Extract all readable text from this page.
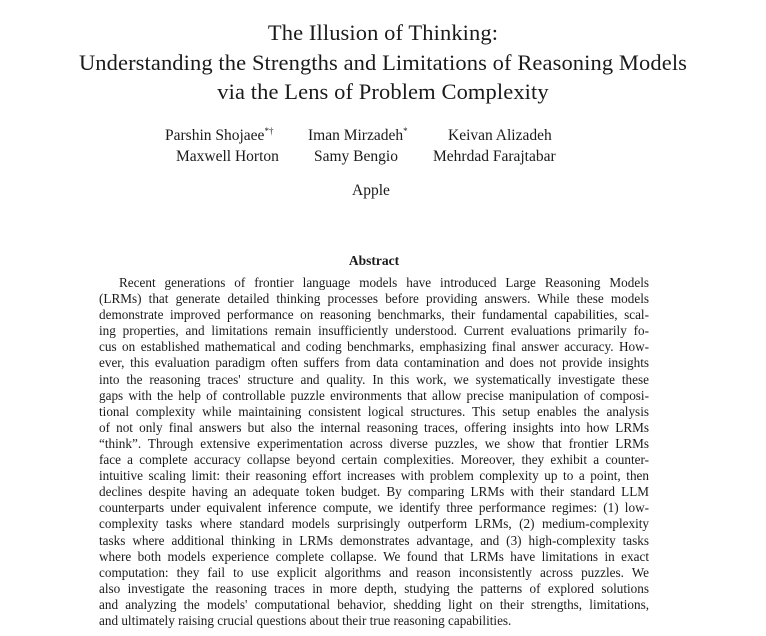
The Illusion of Thinking:
Understanding the Strengths and Limitations of Reasoning Models
via the Lens of Problem Complexity
Parshin Shojaee*† Iman Mirzadeh*	Keivan Alizadeh
Maxwell Horton Samy Bengio Mehrdad Farajtabar
Apple
Abstract
Recent generations of frontier language models have introduced Large Reasoning Models
(LRMs) that generate detailed thinking processes before providing answers. While these models
demonstrate improved performance on reasoning benchmarks, their fundamental capabilities, scal-
ing properties, and limitations remain insufficiently understood. Current evaluations primarily fo-
cus on established mathematical and coding benchmarks, emphasizing final answer accuracy. How-
ever, this evaluation paradigm often suffers from data contamination and does not provide insights
into the reasoning traces' structure and quality. In this work, we systematically investigate these
gaps with the help of controllable puzzle environments that allow precise manipulation of composi-
tional complexity while maintaining consistent logical structures. This setup enables the analysis
of not only final answers but also the internal reasoning traces, offering insights into how LRMs
“think”. Through extensive experimentation across diverse puzzles, we show that frontier LRMs
face a complete accuracy collapse beyond certain complexities. Moreover, they exhibit a counter-
intuitive scaling limit: their reasoning effort increases with problem complexity up to a point, then
declines despite having an adequate token budget. By comparing LRMs with their standard LLM
counterparts under equivalent inference compute, we identify three performance regimes: (1) low-
complexity tasks where standard models surprisingly outperform LRMs, (2) medium-complexity
tasks where additional thinking in LRMs demonstrates advantage, and (3) high-complexity tasks
where both models experience complete collapse. We found that LRMs have limitations in exact
computation: they fail to use explicit algorithms and reason inconsistently across puzzles. We
also investigate the reasoning traces in more depth, studying the patterns of explored solutions
and analyzing the models' computational behavior, shedding light on their strengths, limitations,
and ultimately raising crucial questions about their true reasoning capabilities.
